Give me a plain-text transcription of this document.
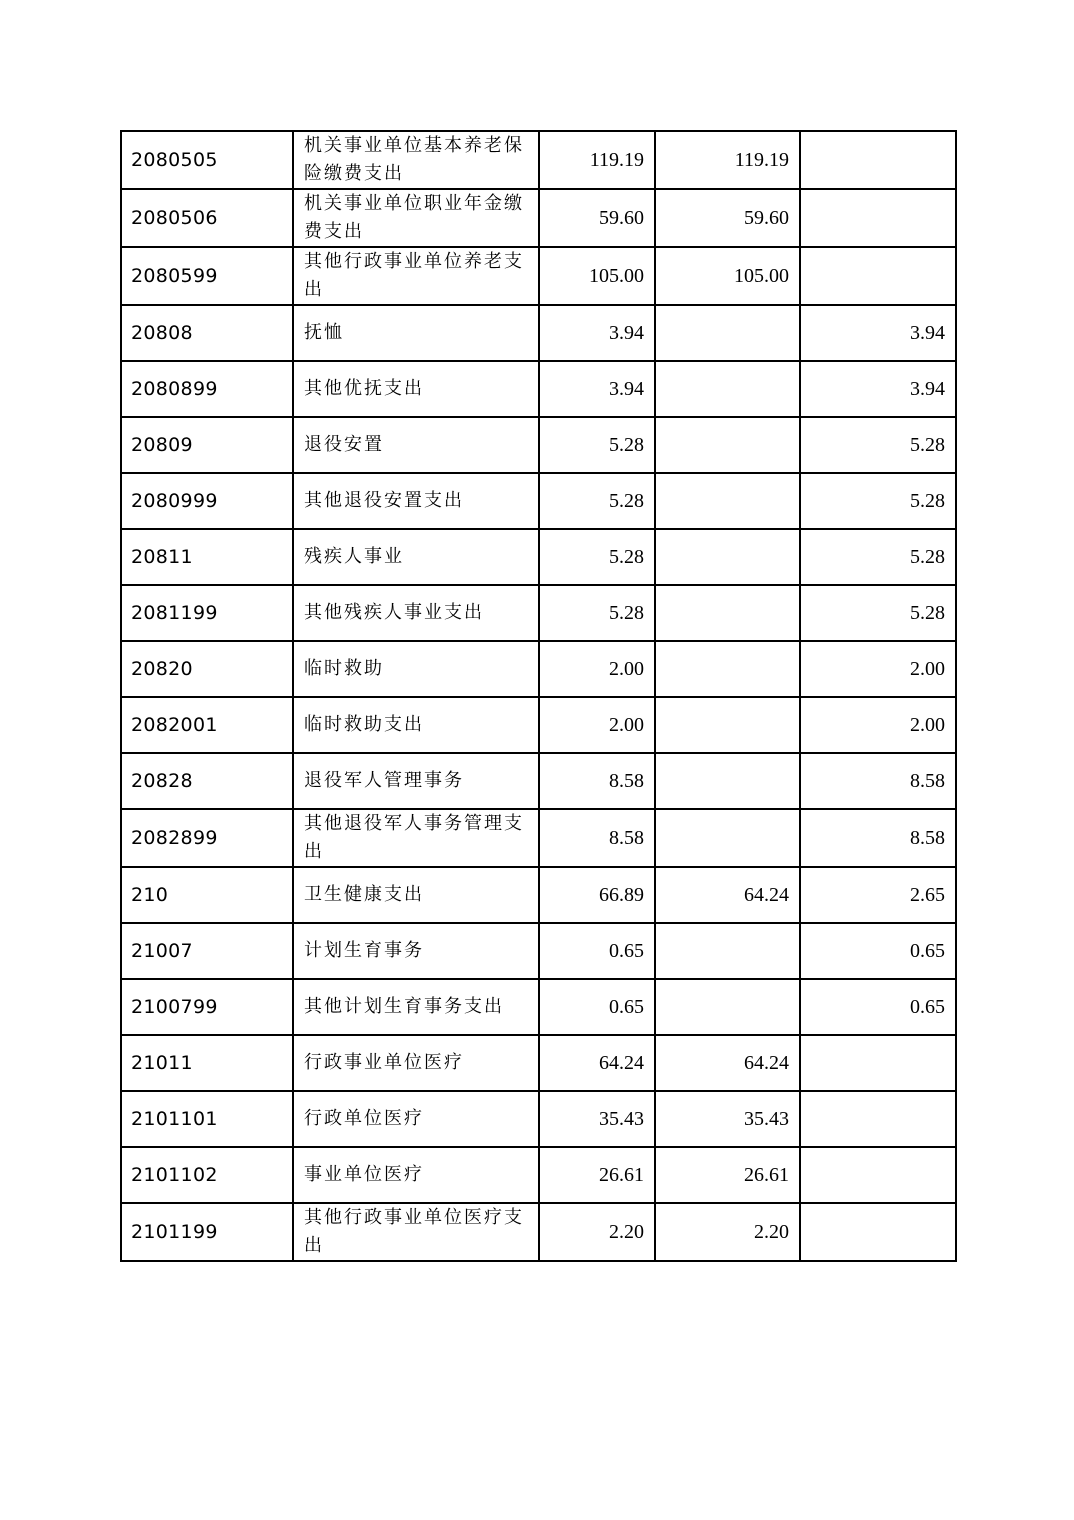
2080505	机关事业单位基本养老保险缴费支出	119.19	119.19	
2080506	机关事业单位职业年金缴费支出	59.60	59.60	
2080599	其他行政事业单位养老支出	105.00	105.00	
20808	抚恤	3.94		3.94
2080899	其他优抚支出	3.94		3.94
20809	退役安置	5.28		5.28
2080999	其他退役安置支出	5.28		5.28
20811	残疾人事业	5.28		5.28
2081199	其他残疾人事业支出	5.28		5.28
20820	临时救助	2.00		2.00
2082001	临时救助支出	2.00		2.00
20828	退役军人管理事务	8.58		8.58
2082899	其他退役军人事务管理支出	8.58		8.58
210	卫生健康支出	66.89	64.24	2.65
21007	计划生育事务	0.65		0.65
2100799	其他计划生育事务支出	0.65		0.65
21011	行政事业单位医疗	64.24	64.24	
2101101	行政单位医疗	35.43	35.43	
2101102	事业单位医疗	26.61	26.61	
2101199	其他行政事业单位医疗支出	2.20	2.20	
